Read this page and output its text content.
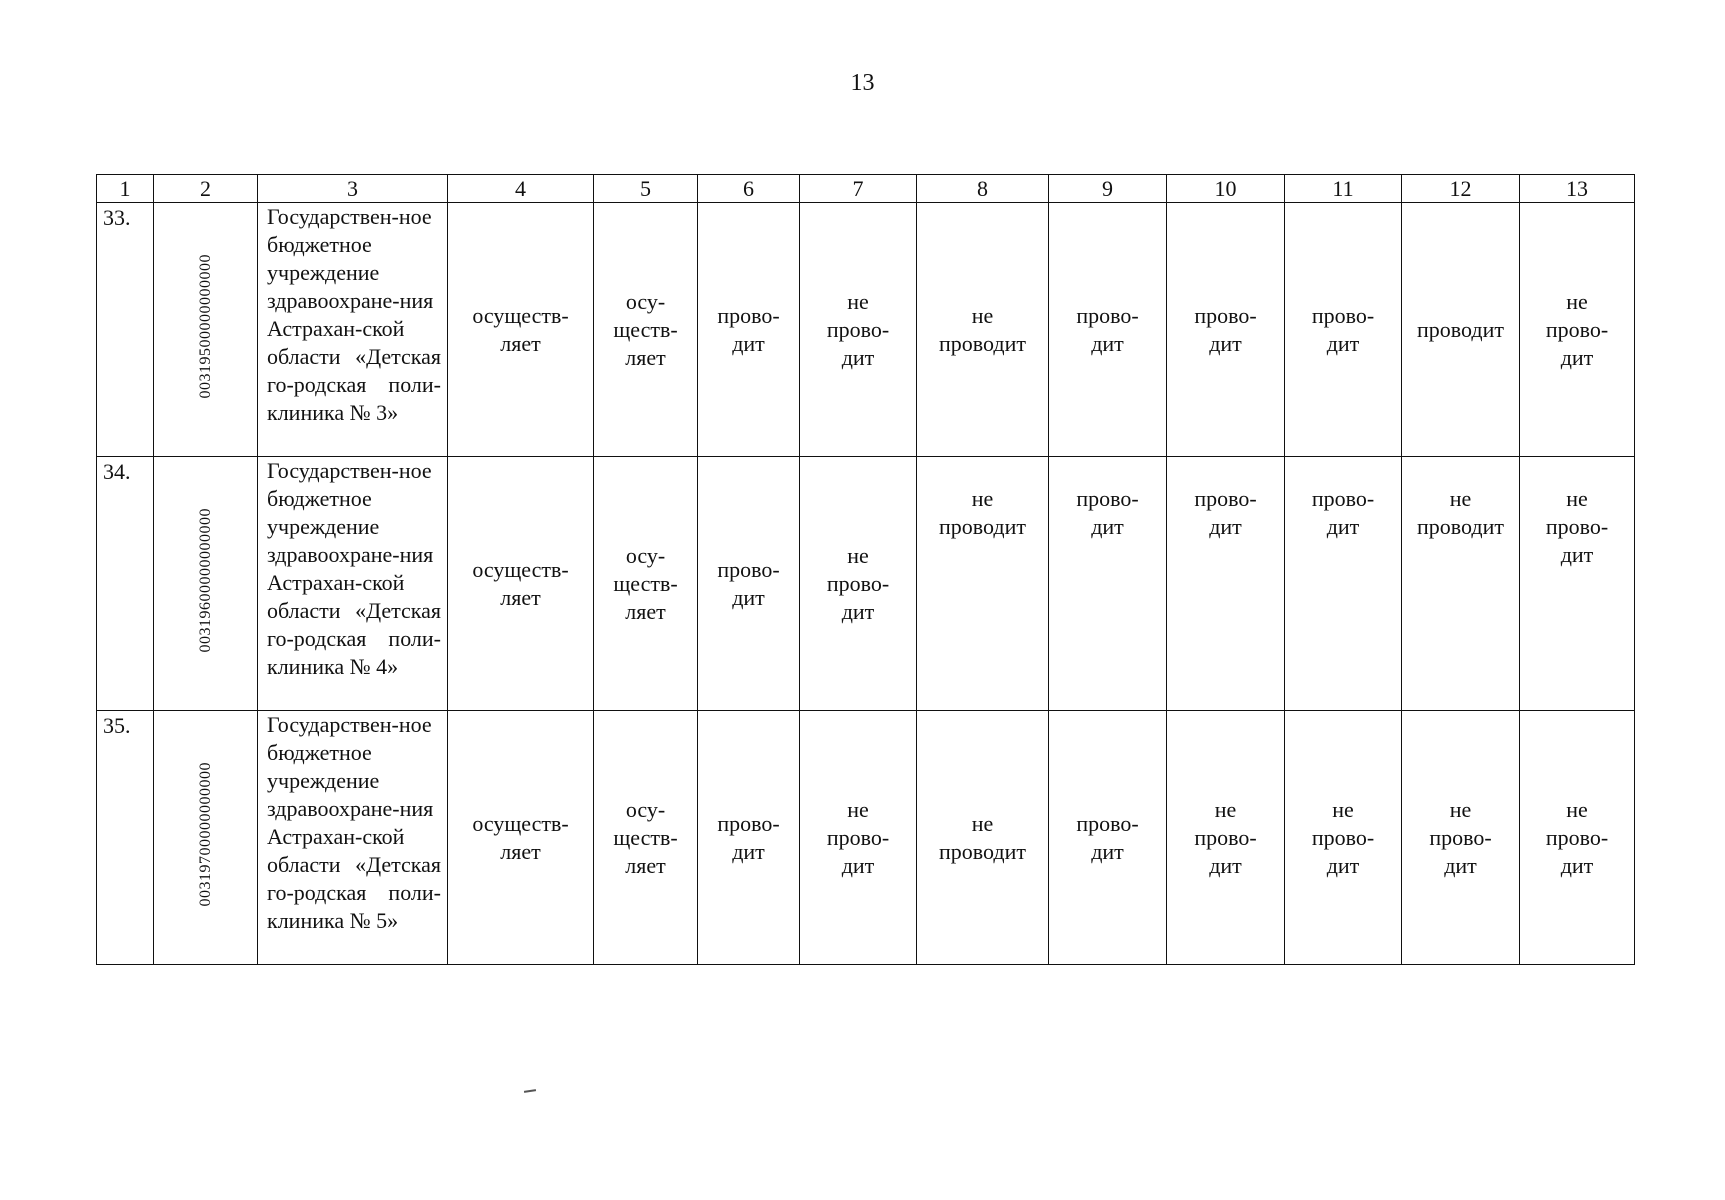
13
1	2	3	4	5	6	7	8	9	10	11	12	13
33.	00319500000000000	Государствен-ное бюджетное учреждение здравоохране-ния Астрахан-ской области «Детская го-родская поли-клиника № 3»	осуществ-
ляет	осу-
ществ-
ляет	прово-
дит	не
прово-
дит	не
проводит	прово-
дит	прово-
дит	прово-
дит	проводит	не
прово-
дит
34.	00319600000000000	Государствен-ное бюджетное учреждение здравоохране-ния Астрахан-ской области «Детская го-родская поли-клиника № 4»	осуществ-
ляет	осу-
ществ-
ляет	прово-
дит	не
прово-
дит	не
проводит	прово-
дит	прово-
дит	прово-
дит	не
проводит	не
прово-
дит
35.	00319700000000000	Государствен-ное бюджетное учреждение здравоохране-ния Астрахан-ской области «Детская го-родская поли-клиника № 5»	осуществ-
ляет	осу-
ществ-
ляет	прово-
дит	не
прово-
дит	не
проводит	прово-
дит	не
прово-
дит	не
прово-
дит	не
прово-
дит	не
прово-
дит
